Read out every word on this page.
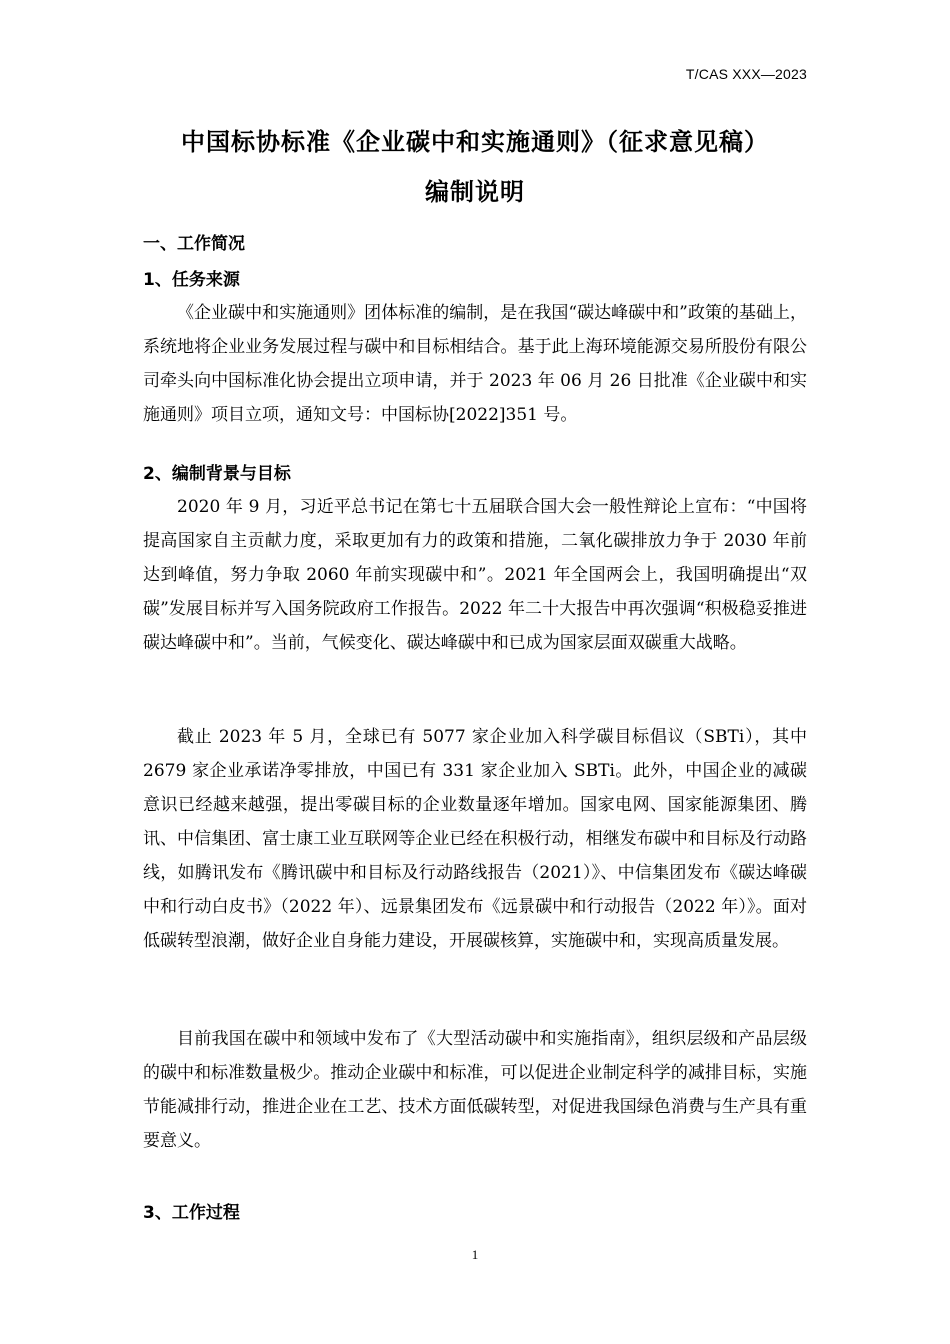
T/CAS XXX—2023
中国标协标准《企业碳中和实施通则》（征求意见稿）
编制说明
一、工作简况
1、任务来源

《企业碳中和实施通则》团体标准的编制，是在我国“碳达峰碳中和”政策的基础上，系统地将企业业务发展过程与碳中和目标相结合。基于此上海环境能源交易所股份有限公司牵头向中国标准化协会提出立项申请，并于 2023 年 06 月 26 日批准《企业碳中和实施通则》项目立项，通知文号：中国标协[2022]351 号。

2、编制背景与目标

2020 年 9 月，习近平总书记在第七十五届联合国大会一般性辩论上宣布：“中国将提高国家自主贡献力度，采取更加有力的政策和措施，二氧化碳排放力争于 2030 年前达到峰值，努力争取 2060 年前实现碳中和”。2021 年全国两会上，我国明确提出“双碳”发展目标并写入国务院政府工作报告。2022 年二十大报告中再次强调“积极稳妥推进碳达峰碳中和”。当前，气候变化、碳达峰碳中和已成为国家层面双碳重大战略。

截止 2023 年 5 月，全球已有 5077 家企业加入科学碳目标倡议（SBTi），其中 2679 家企业承诺净零排放，中国已有 331 家企业加入 SBTi。此外，中国企业的减碳意识已经越来越强，提出零碳目标的企业数量逐年增加。国家电网、国家能源集团、腾讯、中信集团、富士康工业互联网等企业已经在积极行动，相继发布碳中和目标及行动路线，如腾讯发布《腾讯碳中和目标及行动路线报告（2021）》、中信集团发布《碳达峰碳中和行动白皮书》（2022 年）、远景集团发布《远景碳中和行动报告（2022 年）》。面对低碳转型浪潮，做好企业自身能力建设，开展碳核算，实施碳中和，实现高质量发展。

目前我国在碳中和领域中发布了《大型活动碳中和实施指南》，组织层级和产品层级的碳中和标准数量极少。推动企业碳中和标准，可以促进企业制定科学的减排目标，实施节能减排行动，推进企业在工艺、技术方面低碳转型，对促进我国绿色消费与生产具有重要意义。

3、工作过程
1
